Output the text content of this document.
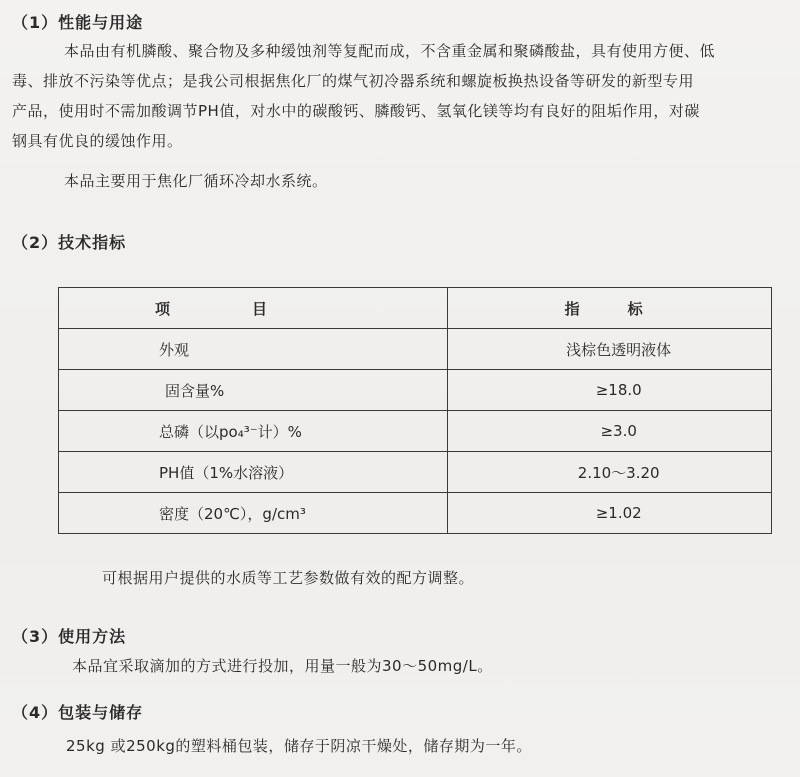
（1）性能与用途
本品由有机膦酸、聚合物及多种缓蚀剂等复配而成，不含重金属和聚磷酸盐，具有使用方便、低
毒、排放不污染等优点；是我公司根据焦化厂的煤气初冷器系统和螺旋板换热设备等研发的新型专用
产品，使用时不需加酸调节PH值，对水中的碳酸钙、膦酸钙、氢氧化镁等均有良好的阻垢作用，对碳
钢具有优良的缓蚀作用。
本品主要用于焦化厂循环冷却水系统。
（2）技术指标
项目	指标
外观	浅棕色透明液体
固含量%	≥18.0
总磷（以po₄³⁻计）%	≥3.0
PH值（1%水溶液）	2.10～3.20
密度（20℃），g/cm³	≥1.02
可根据用户提供的水质等工艺参数做有效的配方调整。
（3）使用方法
本品宜采取滴加的方式进行投加，用量一般为30～50mg/L。
（4）包装与储存
25kg 或250kg的塑料桶包装，储存于阴凉干燥处，储存期为一年。
